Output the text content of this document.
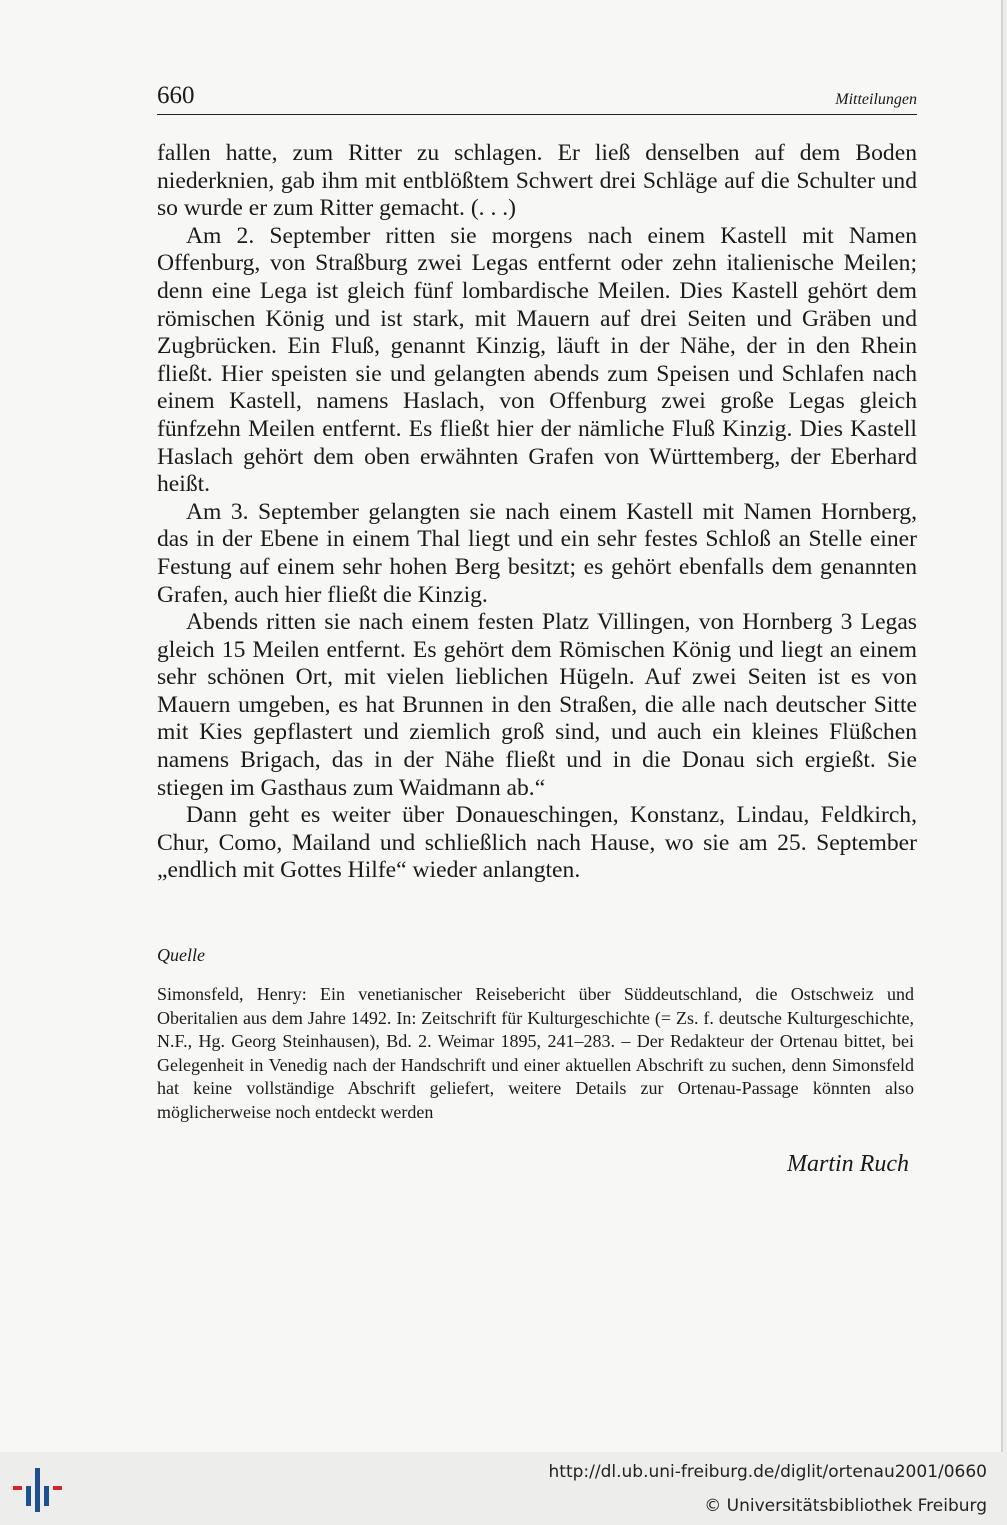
660	Mitteilungen

fallen hatte, zum Ritter zu schlagen. Er ließ denselben auf dem Boden niederknien, gab ihm mit entblößtem Schwert drei Schläge auf die Schulter und so wurde er zum Ritter gemacht. (. . .)

Am 2. September ritten sie morgens nach einem Kastell mit Namen Offenburg, von Straßburg zwei Legas entfernt oder zehn italienische Meilen; denn eine Lega ist gleich fünf lombardische Meilen. Dies Kastell gehört dem römischen König und ist stark, mit Mauern auf drei Seiten und Gräben und Zugbrücken. Ein Fluß, genannt Kinzig, läuft in der Nähe, der in den Rhein fließt. Hier speisten sie und gelangten abends zum Speisen und Schlafen nach einem Kastell, namens Haslach, von Offenburg zwei große Legas gleich fünfzehn Meilen entfernt. Es fließt hier der nämliche Fluß Kinzig. Dies Kastell Haslach gehört dem oben erwähnten Grafen von Württemberg, der Eberhard heißt.

Am 3. September gelangten sie nach einem Kastell mit Namen Hornberg, das in der Ebene in einem Thal liegt und ein sehr festes Schloß an Stelle einer Festung auf einem sehr hohen Berg besitzt; es gehört ebenfalls dem genannten Grafen, auch hier fließt die Kinzig.

Abends ritten sie nach einem festen Platz Villingen, von Hornberg 3 Legas gleich 15 Meilen entfernt. Es gehört dem Römischen König und liegt an einem sehr schönen Ort, mit vielen lieblichen Hügeln. Auf zwei Seiten ist es von Mauern umgeben, es hat Brunnen in den Straßen, die alle nach deutscher Sitte mit Kies gepflastert und ziemlich groß sind, und auch ein kleines Flüßchen namens Brigach, das in der Nähe fließt und in die Donau sich ergießt. Sie stiegen im Gasthaus zum Waidmann ab.“

Dann geht es weiter über Donaueschingen, Konstanz, Lindau, Feldkirch, Chur, Como, Mailand und schließlich nach Hause, wo sie am 25. September „endlich mit Gottes Hilfe“ wieder anlangten.

Quelle
Simonsfeld, Henry: Ein venetianischer Reisebericht über Süddeutschland, die Ostschweiz und Oberitalien aus dem Jahre 1492. In: Zeitschrift für Kulturgeschichte (= Zs. f. deutsche Kulturgeschichte, N.F., Hg. Georg Steinhausen), Bd. 2. Weimar 1895, 241–283. – Der Redakteur der Ortenau bittet, bei Gelegenheit in Venedig nach der Handschrift und einer aktuellen Abschrift zu suchen, denn Simonsfeld hat keine vollständige Abschrift geliefert, weitere Details zur Ortenau-Passage könnten also möglicherweise noch entdeckt werden
Martin Ruch
http://dl.ub.uni-freiburg.de/diglit/ortenau2001/0660
© Universitätsbibliothek Freiburg
